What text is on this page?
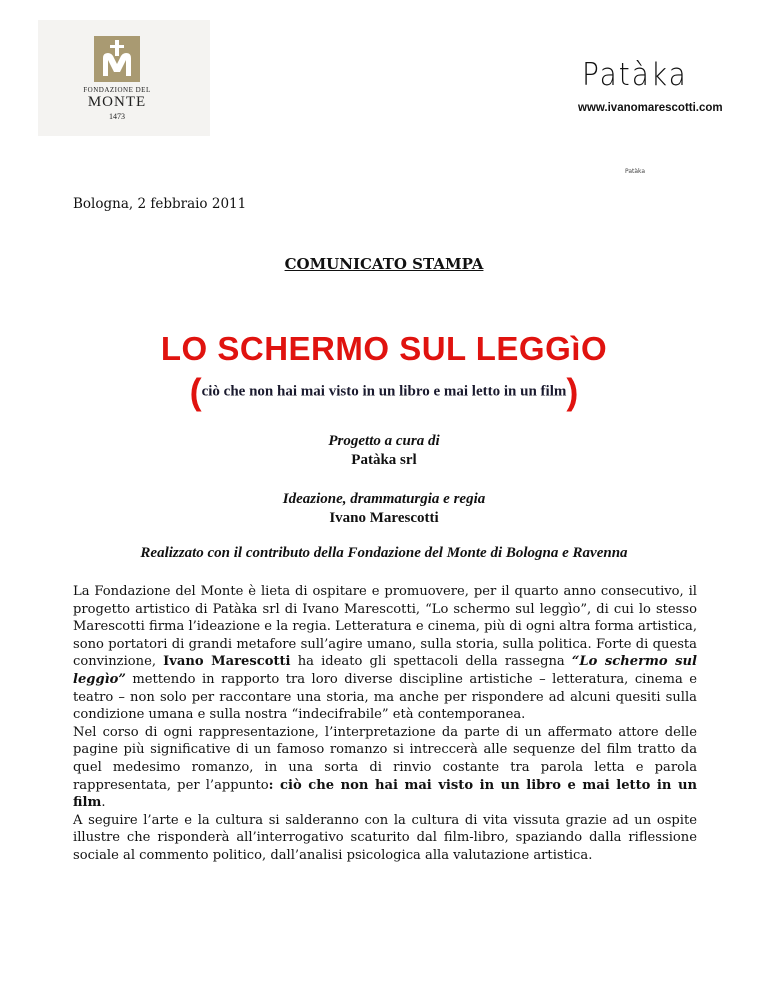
FONDAZIONE DEL
MONTE
1473
Patàka
www.ivanomarescotti.com
Patàka
Bologna, 2 febbraio 2011
COMUNICATO STAMPA
LO SCHERMO SUL LEGGìO
(ciò che non hai mai visto in un libro e mai letto in un film)
Progetto a cura di
Patàka srl
Ideazione, drammaturgia e regia
Ivano Marescotti
Realizzato con il contributo della Fondazione del Monte di Bologna e Ravenna

La Fondazione del Monte è lieta di ospitare e promuovere, per il quarto anno consecutivo, il progetto artistico di Patàka srl di Ivano Marescotti, “Lo schermo sul leggìo”, di cui lo stesso Marescotti firma l’ideazione e la regia. Letteratura e cinema, più di ogni altra forma artistica, sono portatori di grandi metafore sull’agire umano, sulla storia, sulla politica. Forte di questa convinzione, Ivano Marescotti ha ideato gli spettacoli della rassegna “Lo schermo sul leggìo” mettendo in rapporto tra loro diverse discipline artistiche – letteratura, cinema e teatro – non solo per raccontare una storia, ma anche per rispondere ad alcuni quesiti sulla condizione umana e sulla nostra “indecifrabile” età contemporanea.

Nel corso di ogni rappresentazione, l’interpretazione da parte di un affermato attore delle pagine più significative di un famoso romanzo si intreccerà alle sequenze del film tratto da quel medesimo romanzo, in una sorta di rinvio costante tra parola letta e parola rappresentata, per l’appunto: ciò che non hai mai visto in un libro e mai letto in un film.

A seguire l’arte e la cultura si salderanno con la cultura di vita vissuta grazie ad un ospite illustre che risponderà all’interrogativo scaturito dal film-libro, spaziando dalla riflessione sociale al commento politico, dall’analisi psicologica alla valutazione artistica.
